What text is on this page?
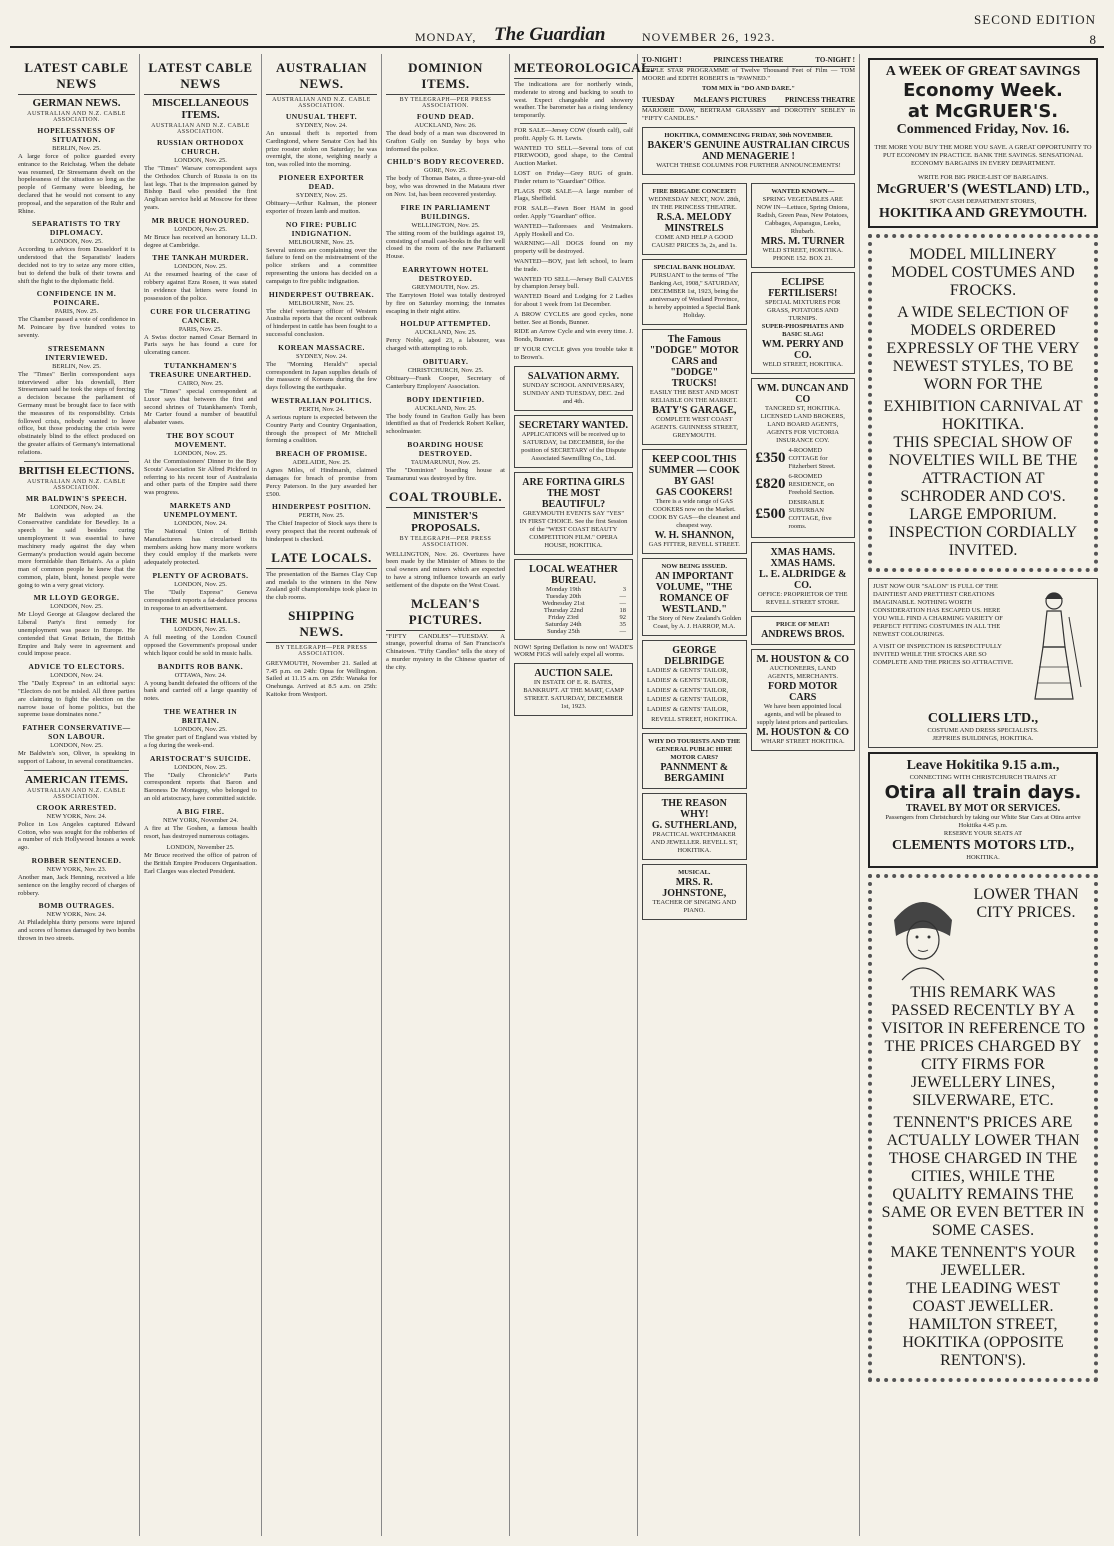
MONDAY, The Guardian	NOVEMBER 26, 1923.
SECOND EDITION
8
LATEST CABLE NEWS
GERMAN NEWS.
AUSTRALIAN AND N.Z. CABLE ASSOCIATION.
HOPELESSNESS OF SITUATION.
BERLIN, Nov. 25.

A large force of police guarded every entrance to the Reichstag. When the debate was resumed, Dr Stresemann dwelt on the hopelessness of the situation so long as the people of Germany were bleeding, he declared that he would not consent to any proposal, and the separation of the Ruhr and Rhine.

SEPARATISTS TO TRY DIPLOMACY.
LONDON, Nov. 25.

According to advices from Dusseldorf it is understood that the Separatists' leaders decided not to try to seize any more cities, but to defend the bulk of their towns and shift the fight to the diplomatic field.

CONFIDENCE IN M. POINCARE.
PARIS, Nov. 25.

The Chamber passed a vote of confidence in M. Poincare by five hundred votes to seventy.

STRESEMANN INTERVIEWED.
BERLIN, Nov. 25.

The "Times" Berlin correspondent says interviewed after his downfall, Herr Stresemann said he took the steps of forcing a decision because the parliament of Germany must be brought face to face with the measures of its responsibility. Crisis followed crisis, nobody wanted to leave office, but those producing the crisis were obstinately blind to the effect produced on the greater affairs of Germany's international relations.

BRITISH ELECTIONS.
AUSTRALIAN AND N.Z. CABLE ASSOCIATION.
MR BALDWIN'S SPEECH.
LONDON, Nov. 24.

Mr Baldwin was adopted as the Conservative candidate for Bewdley. In a speech he said besides curing unemployment it was essential to have machinery ready against the day when Germany's production would again become more formidable than Britain's. As a plain man of common people he knew that the common, plain, blunt, honest people were going to win a very great victory.

MR LLOYD GEORGE.
LONDON, Nov. 25.

Mr Lloyd George at Glasgow declared the Liberal Party's first remedy for unemployment was peace in Europe. He contended that Great Britain, the British Empire and Italy were in agreement and could impose peace.

ADVICE TO ELECTORS.
LONDON, Nov. 24.

The "Daily Express" in an editorial says: "Electors do not be misled. All three parties are claiming to fight the election on the narrow issue of home politics, but the supreme issue dominates none."

FATHER CONSERVATIVE—SON LABOUR.
LONDON, Nov. 25.

Mr Baldwin's son, Oliver, is speaking in support of Labour, in several constituencies.

AMERICAN ITEMS.
AUSTRALIAN AND N.Z. CABLE ASSOCIATION.
CROOK ARRESTED.
NEW YORK, Nov. 24.

Police in Los Angeles captured Edward Cotton, who was sought for the robberies of a number of rich Hollywood houses a week ago.

ROBBER SENTENCED.
NEW YORK, Nov. 23.

Another man, Jack Henning, received a life sentence on the lengthy record of charges of robbery.

BOMB OUTRAGES.
NEW YORK, Nov. 24.

At Philadelphia thirty persons were injured and scores of homes damaged by two bombs thrown in two streets.

LATEST CABLE NEWS
MISCELLANEOUS ITEMS.
AUSTRALIAN AND N.Z. CABLE ASSOCIATION.
RUSSIAN ORTHODOX CHURCH.
LONDON, Nov. 25.

The "Times" Warsaw correspondent says the Orthodox Church of Russia is on its last legs. That is the impression gained by Bishop Basil who presided the first Anglican service held at Moscow for three years.

MR BRUCE HONOURED.
LONDON, Nov. 25.

Mr Bruce has received an honorary LL.D. degree at Cambridge.

THE TANKAH MURDER.
LONDON, Nov. 25.

At the resumed hearing of the case of robbery against Ezra Rosen, it was stated in evidence that letters were found in possession of the police.

CURE FOR ULCERATING CANCER.
PARIS, Nov. 25.

A Swiss doctor named Cesar Bernard in Paris says he has found a cure for ulcerating cancer.

TUTANKHAMEN'S TREASURE UNEARTHED.
CAIRO, Nov. 25.

The "Times" special correspondent at Luxor says that between the first and second shrines of Tutankhamen's Tomb, Mr Carter found a number of beautiful alabaster vases.

THE BOY SCOUT MOVEMENT.
LONDON, Nov. 25.

At the Commissioners' Dinner to the Boy Scouts' Association Sir Alfred Pickford in referring to his recent tour of Australasia and other parts of the Empire said there was progress.

MARKETS AND UNEMPLOYMENT.
LONDON, Nov. 24.

The National Union of British Manufacturers has circularised its members asking how many more workers they could employ if the markets were adequately protected.

PLENTY OF ACROBATS.
LONDON, Nov. 25.

The "Daily Express" Geneva correspondent reports a fat-deduce process in response to an advertisement.

THE MUSIC HALLS.
LONDON, Nov. 25.

A full meeting of the London Council opposed the Government's proposal under which liquor could be sold in music halls.

BANDITS ROB BANK.
OTTAWA, Nov. 24.

A young bandit defeated the officers of the bank and carried off a large quantity of notes.

THE WEATHER IN BRITAIN.
LONDON, Nov. 25.

The greater part of England was visited by a fog during the week-end.

ARISTOCRAT'S SUICIDE.
LONDON, Nov. 25.

The "Daily Chronicle's" Paris correspondent reports that Baron and Baroness De Montagny, who belonged to an old aristocracy, have committed suicide.

A BIG FIRE.
NEW YORK, November 24.

A fire at The Goshen, a famous health resort, has destroyed numerous cottages.

LONDON, November 25.

Mr Bruce received the office of patron of the British Empire Producers Organisation. Earl Clarges was elected President.

AUSTRALIAN NEWS.
AUSTRALIAN AND N.Z. CABLE ASSOCIATION.
UNUSUAL THEFT.
SYDNEY, Nov. 24.

An unusual theft is reported from Cardingtond, where Senator Cox had his prize rooster stolen on Saturday; he was overnight, the stone, weighing nearly a ton, was rolled into the morning.

PIONEER EXPORTER DEAD.
SYDNEY, Nov. 25.

Obituary—Arthur Kalman, the pioneer exporter of frozen lamb and mutton.

NO FIRE: PUBLIC INDIGNATION.
MELBOURNE, Nov. 25.

Several unions are complaining over the failure to fend on the mistreatment of the police strikers and a committee representing the unions has decided on a campaign to fire public indignation.

HINDERPEST OUTBREAK.
MELBOURNE, Nov. 25.

The chief veterinary officer of Western Australia reports that the recent outbreak of hinderpest in cattle has been fought to a successful conclusion.

KOREAN MASSACRE.
SYDNEY, Nov. 24.

The "Morning Herald's" special correspondent in Japan supplies details of the massacre of Koreans during the few days following the earthquake.

WESTRALIAN POLITICS.
PERTH, Nov. 24.

A serious rupture is expected between the Country Party and Country Organisation, through the prospect of Mr Mitchell forming a coalition.

BREACH OF PROMISE.
ADELAIDE, Nov. 25.

Agnes Miles, of Hindmarsh, claimed damages for breach of promise from Percy Paterson. In the jury awarded her £500.

HINDERPEST POSITION.
PERTH, Nov. 25.

The Chief Inspector of Stock says there is every prospect that the recent outbreak of hinderpest is checked.

LATE LOCALS.

The presentation of the Barnes Clay Cup and medals to the winners in the New Zealand golf championships took place in the club rooms.

SHIPPING NEWS.
BY TELEGRAPH—PER PRESS ASSOCIATION.

GREYMOUTH, November 21. Sailed at 7.45 p.m. on 24th: Opua for Wellington. Sailed at 11.15 a.m. on 25th: Wanaka for Onehunga. Arrived at 8.5 a.m. on 25th: Kaitoke from Westport.

DOMINION ITEMS.
BY TELEGRAPH—PER PRESS ASSOCIATION.
FOUND DEAD.
AUCKLAND, Nov. 26.

The dead body of a man was discovered in Grafton Gully on Sunday by boys who informed the police.

CHILD'S BODY RECOVERED.
GORE, Nov. 25.

The body of Thomas Bates, a three-year-old boy, who was drowned in the Mataura river on Nov. 1st, has been recovered yesterday.

FIRE IN PARLIAMENT BUILDINGS.
WELLINGTON, Nov. 25.

The sitting room of the buildings against 19, consisting of small cast-books in the fire well closed in the room of the new Parliament House.

EARRYTOWN HOTEL DESTROYED.
GREYMOUTH, Nov. 25.

The Earrytown Hotel was totally destroyed by fire on Saturday morning; the inmates escaping in their night attire.

HOLDUP ATTEMPTED.
AUCKLAND, Nov. 25.

Percy Noble, aged 23, a labourer, was charged with attempting to rob.

OBITUARY.
CHRISTCHURCH, Nov. 25.

Obituary—Frank Cooper, Secretary of Canterbury Employers' Association.

BODY IDENTIFIED.
AUCKLAND, Nov. 25.

The body found in Grafton Gully has been identified as that of Frederick Robert Kelker, schoolmaster.

BOARDING HOUSE DESTROYED.
TAUMARUNUI, Nov. 25.

The "Dominion" boarding house at Taumarunui was destroyed by fire.

COAL TROUBLE.
MINISTER'S PROPOSALS.
BY TELEGRAPH—PER PRESS ASSOCIATION.

WELLINGTON, Nov. 26. Overtures have been made by the Minister of Mines to the coal owners and miners which are expected to have a strong influence towards an early settlement of the dispute on the West Coast.

McLEAN'S PICTURES.

"FIFTY CANDLES"—TUESDAY. A strange, powerful drama of San Francisco's Chinatown. "Fifty Candles" tells the story of a murder mystery in the Chinese quarter of the city.

METEOROLOGICAL.

The indications are for northerly winds, moderate to strong and backing to south to west. Expect changeable and showery weather. The barometer has a rising tendency temporarily.

FOR SALE—Jersey COW (fourth calf), calf profit. Apply G. H. Lewis.

WANTED TO SELL—Several tons of cut FIREWOOD, good shape, to the Central Auction Market.

LOST on Friday—Grey RUG of grain. Finder return to "Guardian" Office.

FLAGS FOR SALE—A large number of Flags, Sheffield.

FOR SALE—Fawn Boer HAM in good order. Apply "Guardian" office.

WANTED—Tailoresses and Vestmakers. Apply Hoskell and Co.

WARNING—All DOGS found on my property will be destroyed.

WANTED—BOY, just left school, to learn the trade.

WANTED TO SELL—Jersey Bull CALVES by champion Jersey bull.

WANTED Board and Lodging for 2 Ladies for about 1 week from 1st December.

A BROW CYCLES are good cycles, none better. See at Bonds, Bunner.

RIDE an Arrow Cycle and win every time. J. Bonds, Bunner.

IF YOUR CYCLE gives you trouble take it to Brown's.

SALVATION ARMY.
SUNDAY SCHOOL ANNIVERSARY, SUNDAY AND TUESDAY, DEC. 2nd and 4th.
SECRETARY WANTED.
APPLICATIONS will be received up to SATURDAY, 1st DECEMBER, for the position of SECRETARY of the Dispute Associated Sawmilling Co., Ltd.
ARE FORTINA GIRLS THE MOST BEAUTIFUL?
GREYMOUTH EVENTS SAY "YES" IN FIRST CHOICE. See the first Session of the "WEST COAST BEAUTY COMPETITION FILM." OPERA HOUSE, HOKITIKA.
LOCAL WEATHER BUREAU.
Monday 19th	3
Tuesday 20th	—
Wednesday 21st	—
Thursday 22nd	18
Friday 23rd	92
Saturday 24th	35
Sunday 25th	—

NOW! Spring Deflation is now on! WADE'S WORM FIGS will safely expel all worms.

AUCTION SALE.
IN ESTATE OF E. R. BATES, BANKRUPT. AT THE MART, CAMP STREET. SATURDAY, DECEMBER 1st, 1923.
TO-NIGHT !	PRINCESS THEATRE	TO-NIGHT !

TRIPLE STAR PROGRAMME of Twelve Thousand Feet of Film — TOM MOORE and EDITH ROBERTS in "PAWNED."

TOM MIX in "DO AND DARE."

TUESDAY	McLEAN'S PICTURES	PRINCESS THEATRE

MARJORIE DAW, BERTRAM GRASSBY and DOROTHY SEBLEY in "FIFTY CANDLES."

HOKITIKA, COMMENCING FRIDAY, 30th NOVEMBER.
BAKER'S GENUINE AUSTRALIAN CIRCUS AND MENAGERIE !
WATCH THESE COLUMNS FOR FURTHER ANNOUNCEMENTS!
FIRE BRIGADE CONCERT!
WEDNESDAY NEXT, NOV. 28th, IN THE PRINCESS THEATRE.
R.S.A. MELODY MINSTRELS
COME AND HELP A GOOD CAUSE! PRICES 3s, 2s, and 1s.
SPECIAL BANK HOLIDAY.
PURSUANT to the terms of "The Banking Act, 1908," SATURDAY, DECEMBER 1st, 1923, being the anniversary of Westland Province, is hereby appointed a Special Bank Holiday.
The Famous "DODGE" MOTOR CARS and "DODGE" TRUCKS!
EASILY THE BEST AND MOST RELIABLE ON THE MARKET.
BATY'S GARAGE,
COMPLETE WEST COAST AGENTS. GUINNESS STREET, GREYMOUTH.
KEEP COOL THIS SUMMER — COOK BY GAS!
GAS COOKERS!
There is a wide range of GAS COOKERS now on the Market. COOK BY GAS—the cleanest and cheapest way.
W. H. SHANNON,
GAS FITTER, REVELL STREET.
NOW BEING ISSUED.
AN IMPORTANT VOLUME, "THE ROMANCE OF WESTLAND."
The Story of New Zealand's Golden Coast, by A. J. HARROP, M.A.
GEORGE DELBRIDGE

LADIES' & GENTS' TAILOR,

LADIES' & GENTS' TAILOR,

LADIES' & GENTS' TAILOR,

LADIES' & GENTS' TAILOR,

LADIES' & GENTS' TAILOR,

REVELL STREET, HOKITIKA.
WHY DO TOURISTS AND THE GENERAL PUBLIC HIRE MOTOR CARS?
PANNMENT & BERGAMINI
THE REASON WHY!
G. SUTHERLAND,
PRACTICAL WATCHMAKER AND JEWELLER. REVELL ST, HOKITIKA.
MUSICAL.
MRS. R. JOHNSTONE,
TEACHER OF SINGING AND PIANO.
WANTED KNOWN—
SPRING VEGETABLES ARE NOW IN—Lettuce, Spring Onions, Radish, Green Peas, New Potatoes, Cabbages, Asparagus, Leeks, Rhubarb.
MRS. M. TURNER
WELD STREET, HOKITIKA. PHONE 152. BOX 21.
ECLIPSE FERTILISERS!
SPECIAL MIXTURES FOR GRASS, POTATOES AND TURNIPS.
SUPER-PHOSPHATES AND BASIC SLAG!
WM. PERRY AND CO.
WELD STREET, HOKITIKA.
WM. DUNCAN AND CO
TANCRED ST, HOKITIKA.
LICENSED LAND BROKERS, LAND BOARD AGENTS, AGENTS FOR VICTORIA INSURANCE COY.
£350 4-ROOMED COTTAGE for Fitzherbert Street.
£820 6-ROOMED RESIDENCE, on Freehold Section.
£500
DESIRABLE SUBURBAN COTTAGE, five rooms.
XMAS HAMS. XMAS HAMS.
L. E. ALDRIDGE & CO.
OFFICE: PROPRIETOR OF THE REVELL STREET STORE.
PRICE OF MEAT!
ANDREWS BROS.
M. HOUSTON & CO
AUCTIONEERS, LAND AGENTS, MERCHANTS.
FORD MOTOR CARS
We have been appointed local agents, and will be pleased to supply latest prices and particulars.
M. HOUSTON & CO
WHARF STREET HOKITIKA.
A WEEK OF GREAT SAVINGS
Economy Week.
at McGRUER'S.
Commenced Friday, Nov. 16.
THE MORE YOU BUY THE MORE YOU SAVE. A GREAT OPPORTUNITY TO PUT ECONOMY IN PRACTICE. BANK THE SAVINGS. SENSATIONAL ECONOMY BARGAINS IN EVERY DEPARTMENT.
WRITE FOR BIG PRICE-LIST OF BARGAINS.
McGRUER'S (WESTLAND) LTD.,
SPOT CASH DEPARTMENT STORES,
HOKITIKA AND GREYMOUTH.
MODEL MILLINERY
MODEL COSTUMES AND FROCKS.
A WIDE SELECTION OF MODELS ORDERED EXPRESSLY OF THE VERY NEWEST STYLES, TO BE WORN FOR THE
EXHIBITION CARNIVAL AT HOKITIKA.
THIS SPECIAL SHOW OF NOVELTIES WILL BE THE ATTRACTION AT
SCHRODER AND CO'S.
LARGE EMPORIUM.
INSPECTION CORDIALLY INVITED.
JUST NOW OUR "SALON" IS FULL OF THE DAINTIEST AND PRETTIEST CREATIONS IMAGINABLE. NOTHING WORTH CONSIDERATION HAS ESCAPED US. HERE YOU WILL FIND A CHARMING VARIETY OF PERFECT FITTING COSTUMES IN ALL THE NEWEST COLOURINGS.
A VISIT OF INSPECTION IS RESPECTFULLY INVITED WHILE THE STOCKS ARE SO COMPLETE AND THE PRICES SO ATTRACTIVE.
COLLIERS LTD.,
COSTUME AND DRESS SPECIALISTS.
JEFFRIES BUILDINGS, HOKITIKA.
Leave Hokitika 9.15 a.m.,
CONNECTING WITH CHRISTCHURCH TRAINS AT
Otira all train days.
TRAVEL BY MOT OR SERVICES.
Passengers from Christchurch by taking our White Star Cars at Otira arrive Hokitika 4.45 p.m.
RESERVE YOUR SEATS AT
CLEMENTS MOTORS LTD.,
HOKITIKA.
LOWER THAN
CITY PRICES.
THIS REMARK WAS PASSED RECENTLY BY A VISITOR IN REFERENCE TO THE PRICES CHARGED BY CITY FIRMS FOR JEWELLERY LINES, SILVERWARE, ETC.
TENNENT'S PRICES ARE ACTUALLY LOWER THAN THOSE CHARGED IN THE CITIES, WHILE THE QUALITY REMAINS THE SAME OR EVEN BETTER IN SOME CASES.
MAKE TENNENT'S YOUR JEWELLER.
THE LEADING WEST COAST JEWELLER.
HAMILTON STREET, HOKITIKA (OPPOSITE RENTON'S).
